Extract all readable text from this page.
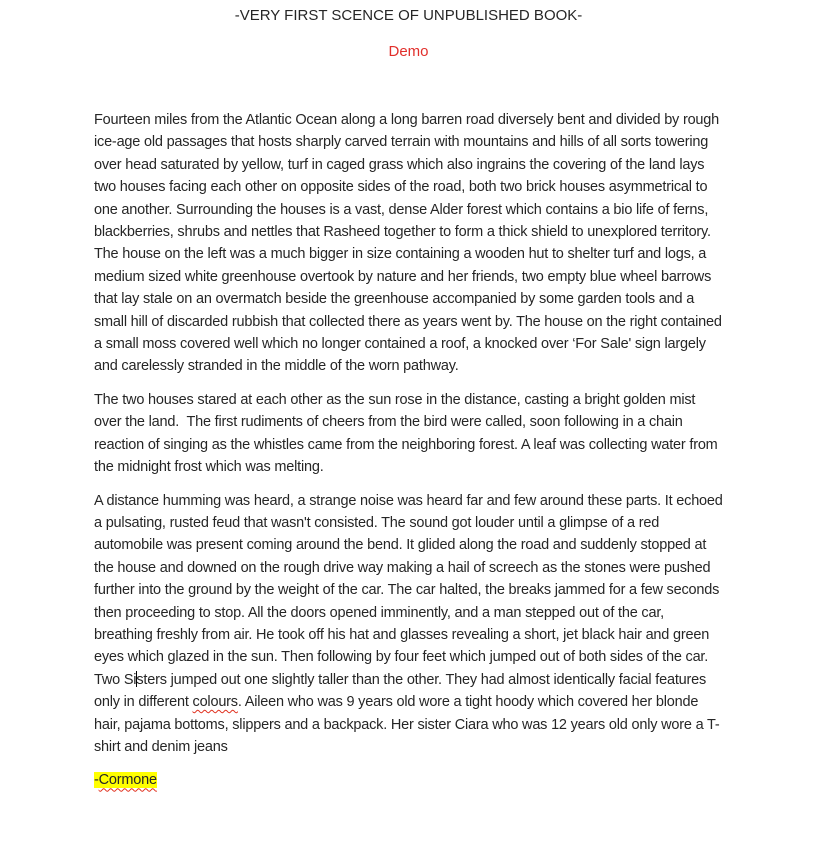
-VERY FIRST SCENCE OF UNPUBLISHED BOOK-

Demo

Fourteen miles from the Atlantic Ocean along a long barren road diversely bent and divided by rough ice-age old passages that hosts sharply carved terrain with mountains and hills of all sorts towering over head saturated by yellow, turf in caged grass which also ingrains the covering of the land lays two houses facing each other on opposite sides of the road, both two brick houses asymmetrical to one another. Surrounding the houses is a vast, dense Alder forest which contains a bio life of ferns, blackberries, shrubs and nettles that Rasheed together to form a thick shield to unexplored territory. The house on the left was a much bigger in size containing a wooden hut to shelter turf and logs, a medium sized white greenhouse overtook by nature and her friends, two empty blue wheel barrows that lay stale on an overmatch beside the greenhouse accompanied by some garden tools and a small hill of discarded rubbish that collected there as years went by. The house on the right contained a small moss covered well which no longer contained a roof, a knocked over ‘For Sale' sign largely and carelessly stranded in the middle of the worn pathway.

The two houses stared at each other as the sun rose in the distance, casting a bright golden mist over the land.  The first rudiments of cheers from the bird were called, soon following in a chain reaction of singing as the whistles came from the neighboring forest. A leaf was collecting water from the midnight frost which was melting.

A distance humming was heard, a strange noise was heard far and few around these parts. It echoed a pulsating, rusted feud that wasn't consisted. The sound got louder until a glimpse of a red automobile was present coming around the bend. It glided along the road and suddenly stopped at the house and downed on the rough drive way making a hail of screech as the stones were pushed further into the ground by the weight of the car. The car halted, the breaks jammed for a few seconds then proceeding to stop. All the doors opened imminently, and a man stepped out of the car, breathing freshly from air. He took off his hat and glasses revealing a short, jet black hair and green eyes which glazed in the sun. Then following by four feet which jumped out of both sides of the car. Two Sisters jumped out one slightly taller than the other. They had almost identically facial features only in different colours. Aileen who was 9 years old wore a tight hoody which covered her blonde hair, pajama bottoms, slippers and a backpack. Her sister Ciara who was 12 years old only wore a T-shirt and denim jeans

-Cormone
